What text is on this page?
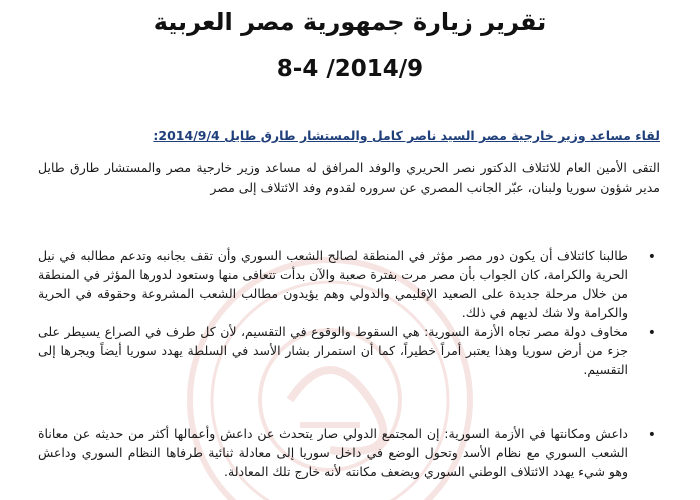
تقرير زيارة جمهورية مصر العربية
8-4 /2014/9

لقاء مساعد وزير خارجية مصر السيد ناصر كامل والمستشار طارق طايل 2014/9/4:

التقى الأمين العام للائتلاف الدكتور نصر الحريري والوفد المرافق له مساعد وزير خارجية مصر والمستشار طارق طايل مدير شؤون سوريا ولبنان، عبّر الجانب المصري عن سروره لقدوم وفد الائتلاف إلى مصر

•
طالبنا كائتلاف أن يكون دور مصر مؤثر في المنطقة لصالح الشعب السوري وأن تقف بجانبه وتدعم مطالبه في نيل الحرية والكرامة، كان الجواب بأن مصر مرت بفترة صعبة والآن بدأت تتعافى منها وستعود لدورها المؤثر في المنطقة من خلال مرحلة جديدة على الصعيد الإقليمي والدولي وهم يؤيدون مطالب الشعب المشروعة وحقوقه في الحرية والكرامة ولا شك لديهم في ذلك.
•
مخاوف دولة مصر تجاه الأزمة السورية: هي السقوط والوقوع في التقسيم، لأن كل طرف في الصراع يسيطر على جزء من أرض سوريا وهذا يعتبر أمراً خطيراً، كما أن استمرار بشار الأسد في السلطة يهدد سوريا أيضاً ويجرها إلى التقسيم.
•
داعش ومكانتها في الأزمة السورية: إن المجتمع الدولي صار يتحدث عن داعش وأعمالها أكثر من حديثه عن معاناة الشعب السوري مع نظام الأسد وتحول الوضع في داخل سوريا إلى معادلة ثنائية طرفاها النظام السوري وداعش وهو شيء يهدد الائتلاف الوطني السوري ويضعف مكانته لأنه خارج تلك المعادلة.
